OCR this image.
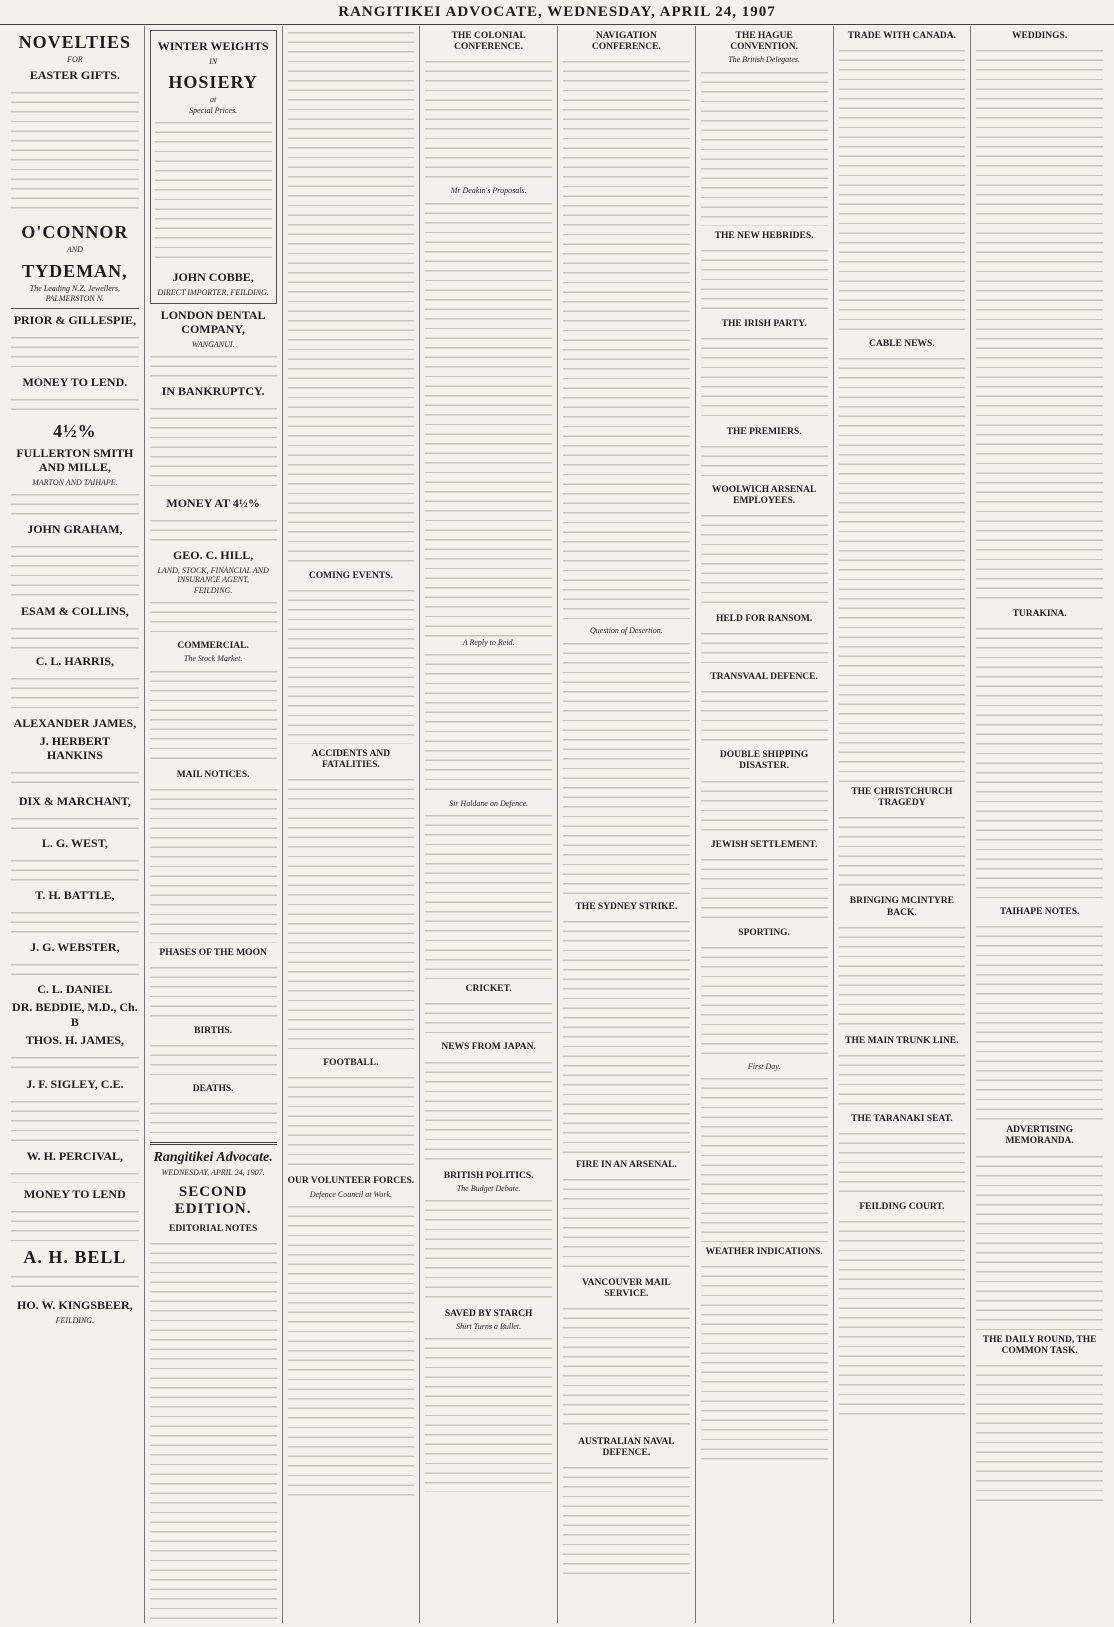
RANGITIKEI ADVOCATE, WEDNESDAY, APRIL 24, 1907
NOVELTIES
FOR
EASTER GIFTS.
O'CONNOR
AND
TYDEMAN,
The Leading N.Z. Jewellers,
PALMERSTON N.
PRIOR & GILLESPIE,
MONEY TO LEND.
4½%
FULLERTON SMITH AND MILLE,
MARTON AND TAIHAPE.
JOHN GRAHAM,
ESAM & COLLINS,
C. L. HARRIS,
ALEXANDER JAMES,
J. HERBERT HANKINS
DIX & MARCHANT,
L. G. WEST,
T. H. BATTLE,
J. G. WEBSTER,
C. L. DANIEL
DR. BEDDIE, M.D., Ch. B
THOS. H. JAMES,
J. F. SIGLEY, C.E.
W. H. PERCIVAL,
MONEY TO LEND
A. H. BELL
HO. W. KINGSBEER,
FEILDING.
WINTER WEIGHTS
IN
HOSIERY
at
Special Prices.
JOHN COBBE,
DIRECT IMPORTER, FEILDING.
LONDON DENTAL COMPANY,
WANGANUI.
IN BANKRUPTCY.
MONEY AT 4½%
GEO. C. HILL,
LAND, STOCK, FINANCIAL AND INSURANCE AGENT,
FEILDING.
COMMERCIAL.
The Stock Market.
MAIL NOTICES.
PHASES OF THE MOON
BIRTHS.
DEATHS.
Rangitikei Advocate.
WEDNESDAY, APRIL 24, 1907.
SECOND EDITION.
EDITORIAL NOTES
COMING EVENTS.
ACCIDENTS AND FATALITIES.
FOOTBALL.
OUR VOLUNTEER FORCES.
Defence Council at Work.
THE COLONIAL CONFERENCE.
Mr Deakin's Proposals.
A Reply to Reid.
Sir Haldane on Defence.
CRICKET.
NEWS FROM JAPAN.
BRITISH POLITICS.
The Budget Debate.
SAVED BY STARCH
Shirt Turns a Bullet.
NAVIGATION CONFERENCE.
Question of Desertion.
THE SYDNEY STRIKE.
FIRE IN AN ARSENAL.
VANCOUVER MAIL SERVICE.
AUSTRALIAN NAVAL DEFENCE.
THE HAGUE CONVENTION.
The British Delegates.
THE NEW HEBRIDES.
THE IRISH PARTY.
THE PREMIERS.
WOOLWICH ARSENAL EMPLOYEES.
HELD FOR RANSOM.
TRANSVAAL DEFENCE.
DOUBLE SHIPPING DISASTER.
JEWISH SETTLEMENT.
SPORTING.
First Day.
WEATHER INDICATIONS.
TRADE WITH CANADA.
CABLE NEWS.
THE CHRISTCHURCH TRAGEDY
BRINGING MCINTYRE BACK.
THE MAIN TRUNK LINE.
THE TARANAKI SEAT.
FEILDING COURT.
WEDDINGS.
TURAKINA.
TAIHAPE NOTES.
ADVERTISING MEMORANDA.
THE DAILY ROUND, THE COMMON TASK.
